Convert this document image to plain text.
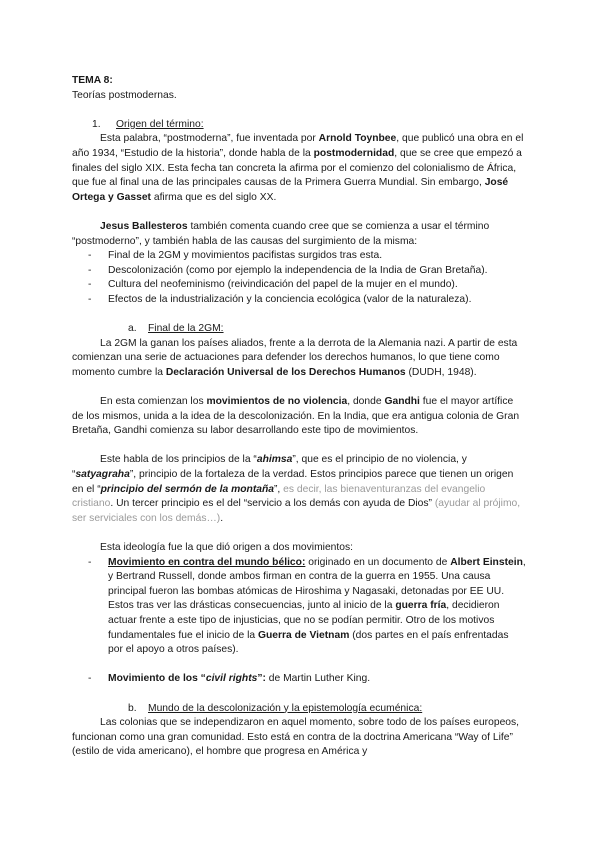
TEMA 8:

Teorías postmodernas.

1. Origen del término:

Esta palabra, “postmoderna”, fue inventada por Arnold Toynbee, que publicó una obra en el año 1934, “Estudio de la historia”, donde habla de la postmodernidad, que se cree que empezó a finales del siglo XIX. Esta fecha tan concreta la afirma por el comienzo del colonialismo de África, que fue al final una de las principales causas de la Primera Guerra Mundial. Sin embargo, José Ortega y Gasset afirma que es del siglo XX.

Jesus Ballesteros también comenta cuando cree que se comienza a usar el término “postmoderno”, y también habla de las causas del surgimiento de la misma:

- Final de la 2GM y movimientos pacifistas surgidos tras esta.
- Descolonización (como por ejemplo la independencia de la India de Gran Bretaña).
- Cultura del neofeminismo (reivindicación del papel de la mujer en el mundo).
- Efectos de la industrialización y la conciencia ecológica (valor de la naturaleza).

a. Final de la 2GM:

La 2GM la ganan los países aliados, frente a la derrota de la Alemania nazi. A partir de esta comienzan una serie de actuaciones para defender los derechos humanos, lo que tiene como momento cumbre la Declaración Universal de los Derechos Humanos (DUDH, 1948).

En esta comienzan los movimientos de no violencia, donde Gandhi fue el mayor artífice de los mismos, unida a la idea de la descolonización. En la India, que era antigua colonia de Gran Bretaña, Gandhi comienza su labor desarrollando este tipo de movimientos.

Este habla de los principios de la “ahimsa”, que es el principio de no violencia, y “satyagraha”, principio de la fortaleza de la verdad. Estos principios parece que tienen un origen en el “principio del sermón de la montaña”, es decir, las bienaventuranzas del evangelio cristiano. Un tercer principio es el del “servicio a los demás con ayuda de Dios” (ayudar al prójimo, ser serviciales con los demás…).

Esta ideología fue la que dió origen a dos movimientos:

- Movimiento en contra del mundo bélico: originado en un documento de Albert Einstein, y Bertrand Russell, donde ambos firman en contra de la guerra en 1955. Una causa principal fueron las bombas atómicas de Hiroshima y Nagasaki, detonadas por EE UU. Estos tras ver las drásticas consecuencias, junto al inicio de la guerra fría, decidieron actuar frente a este tipo de injusticias, que no se podían permitir. Otro de los motivos fundamentales fue el inicio de la Guerra de Vietnam (dos partes en el país enfrentadas por el apoyo a otros países).
- Movimiento de los “civil rights”: de Martin Luther King.

b. Mundo de la descolonización y la epistemología ecuménica:

Las colonias que se independizaron en aquel momento, sobre todo de los países europeos, funcionan como una gran comunidad. Esto está en contra de la doctrina Americana “Way of Life” (estilo de vida americano), el hombre que progresa en América y
